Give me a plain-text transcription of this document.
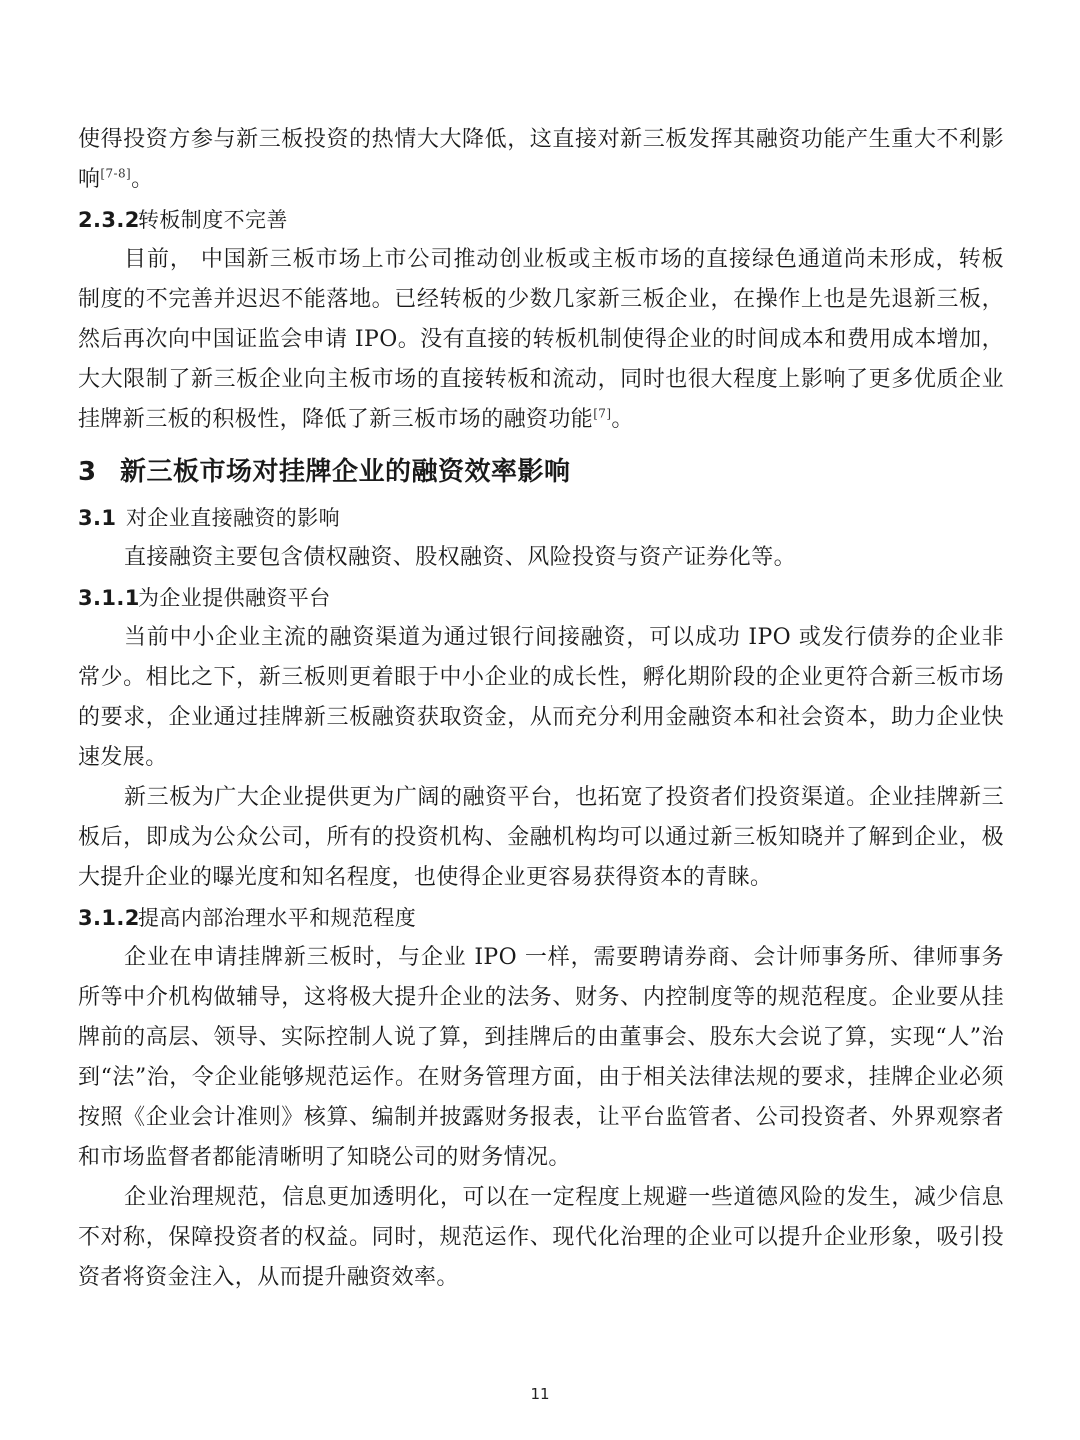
使得投资方参与新三板投资的热情大大降低，这直接对新三板发挥其融资功能产生重大不利影响[7-8]。

2.3.2转板制度不完善

目前， 中国新三板市场上市公司推动创业板或主板市场的直接绿色通道尚未形成，转板制度的不完善并迟迟不能落地。已经转板的少数几家新三板企业，在操作上也是先退新三板，然后再次向中国证监会申请 IPO。没有直接的转板机制使得企业的时间成本和费用成本增加，大大限制了新三板企业向主板市场的直接转板和流动，同时也很大程度上影响了更多优质企业挂牌新三板的积极性，降低了新三板市场的融资功能[7]。

3 新三板市场对挂牌企业的融资效率影响
3.1 对企业直接融资的影响

直接融资主要包含债权融资、股权融资、风险投资与资产证券化等。

3.1.1为企业提供融资平台

当前中小企业主流的融资渠道为通过银行间接融资，可以成功 IPO 或发行债券的企业非常少。相比之下，新三板则更着眼于中小企业的成长性，孵化期阶段的企业更符合新三板市场的要求，企业通过挂牌新三板融资获取资金，从而充分利用金融资本和社会资本，助力企业快速发展。

新三板为广大企业提供更为广阔的融资平台，也拓宽了投资者们投资渠道。企业挂牌新三板后，即成为公众公司，所有的投资机构、金融机构均可以通过新三板知晓并了解到企业，极大提升企业的曝光度和知名程度，也使得企业更容易获得资本的青睐。

3.1.2提高内部治理水平和规范程度

企业在申请挂牌新三板时，与企业 IPO 一样，需要聘请券商、会计师事务所、律师事务所等中介机构做辅导，这将极大提升企业的法务、财务、内控制度等的规范程度。企业要从挂牌前的高层、领导、实际控制人说了算，到挂牌后的由董事会、股东大会说了算，实现“人”治到“法”治，令企业能够规范运作。在财务管理方面，由于相关法律法规的要求，挂牌企业必须按照《企业会计准则》核算、编制并披露财务报表，让平台监管者、公司投资者、外界观察者和市场监督者都能清晰明了知晓公司的财务情况。

企业治理规范，信息更加透明化，可以在一定程度上规避一些道德风险的发生，减少信息不对称，保障投资者的权益。同时，规范运作、现代化治理的企业可以提升企业形象，吸引投资者将资金注入，从而提升融资效率。

11
